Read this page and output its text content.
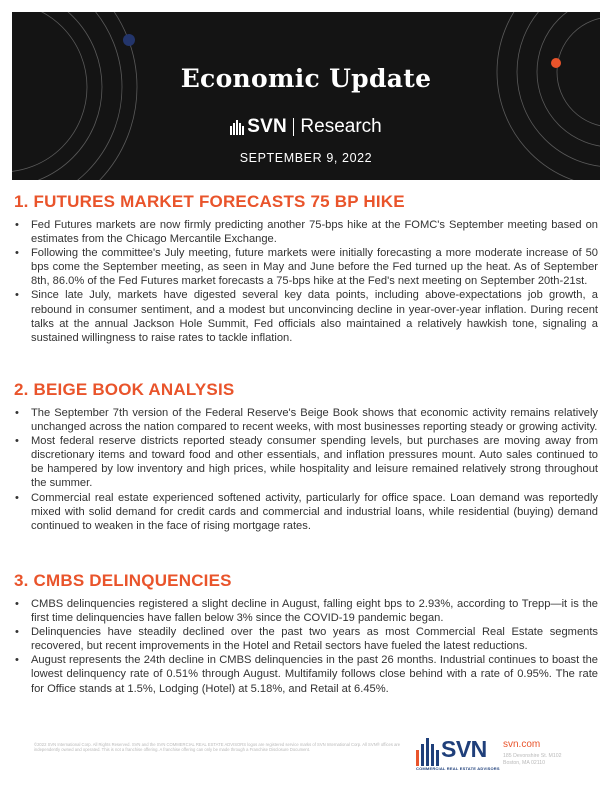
Economic Update
SVN Research
SEPTEMBER 9, 2022
1. FUTURES MARKET FORECASTS 75 BP HIKE
• Fed Futures markets are now firmly predicting another 75-bps hike at the FOMC's September meeting based on estimates from the Chicago Mercantile Exchange.
• Following the committee's July meeting, future markets were initially forecasting a more moderate increase of 50 bps come the September meeting, as seen in May and June before the Fed turned up the heat. As of September 8th, 86.0% of the Fed Futures market forecasts a 75-bps hike at the Fed's next meeting on September 20th-21st.
• Since late July, markets have digested several key data points, including above-expectations job growth, a rebound in consumer sentiment, and a modest but unconvincing decline in year-over-year inflation. During recent talks at the annual Jackson Hole Summit, Fed officials also maintained a relatively hawkish tone, signaling a sustained willingness to raise rates to tackle inflation.
2. BEIGE BOOK ANALYSIS
• The September 7th version of the Federal Reserve's Beige Book shows that economic activity remains relatively unchanged across the nation compared to recent weeks, with most businesses reporting steady or growing activity.
• Most federal reserve districts reported steady consumer spending levels, but purchases are moving away from discretionary items and toward food and other essentials, and inflation pressures mount. Auto sales continued to be hampered by low inventory and high prices, while hospitality and leisure remained relatively strong throughout the summer.
• Commercial real estate experienced softened activity, particularly for office space. Loan demand was reportedly mixed with solid demand for credit cards and commercial and industrial loans, while residential (buying) demand continued to weaken in the face of rising mortgage rates.
3. CMBS DELINQUENCIES
• CMBS delinquencies registered a slight decline in August, falling eight bps to 2.93%, according to Trepp—it is the first time delinquencies have fallen below 3% since the COVID-19 pandemic began.
• Delinquencies have steadily declined over the past two years as most Commercial Real Estate segments recovered, but recent improvements in the Hotel and Retail sectors have fueled the latest reductions.
• August represents the 24th decline in CMBS delinquencies in the past 26 months. Industrial continues to boast the lowest delinquency rate of 0.51% through August. Multifamily follows close behind with a rate of 0.95%. The rate for Office stands at 1.5%, Lodging (Hotel) at 5.18%, and Retail at 6.45%.
©2022 SVN International Corp. All Rights Reserved. SVN and the SVN COMMERCIAL REAL ESTATE ADVISORS logos are registered service marks of SVN International Corp. All SVN® offices are independently owned and operated. This is not a franchise offering. A franchise offering can only be made through a Franchise Disclosure Document.	SVN
COMMERCIAL REAL ESTATE ADVISORS
svn.com
185 Devonshire St. M102
Boston, MA 02110
